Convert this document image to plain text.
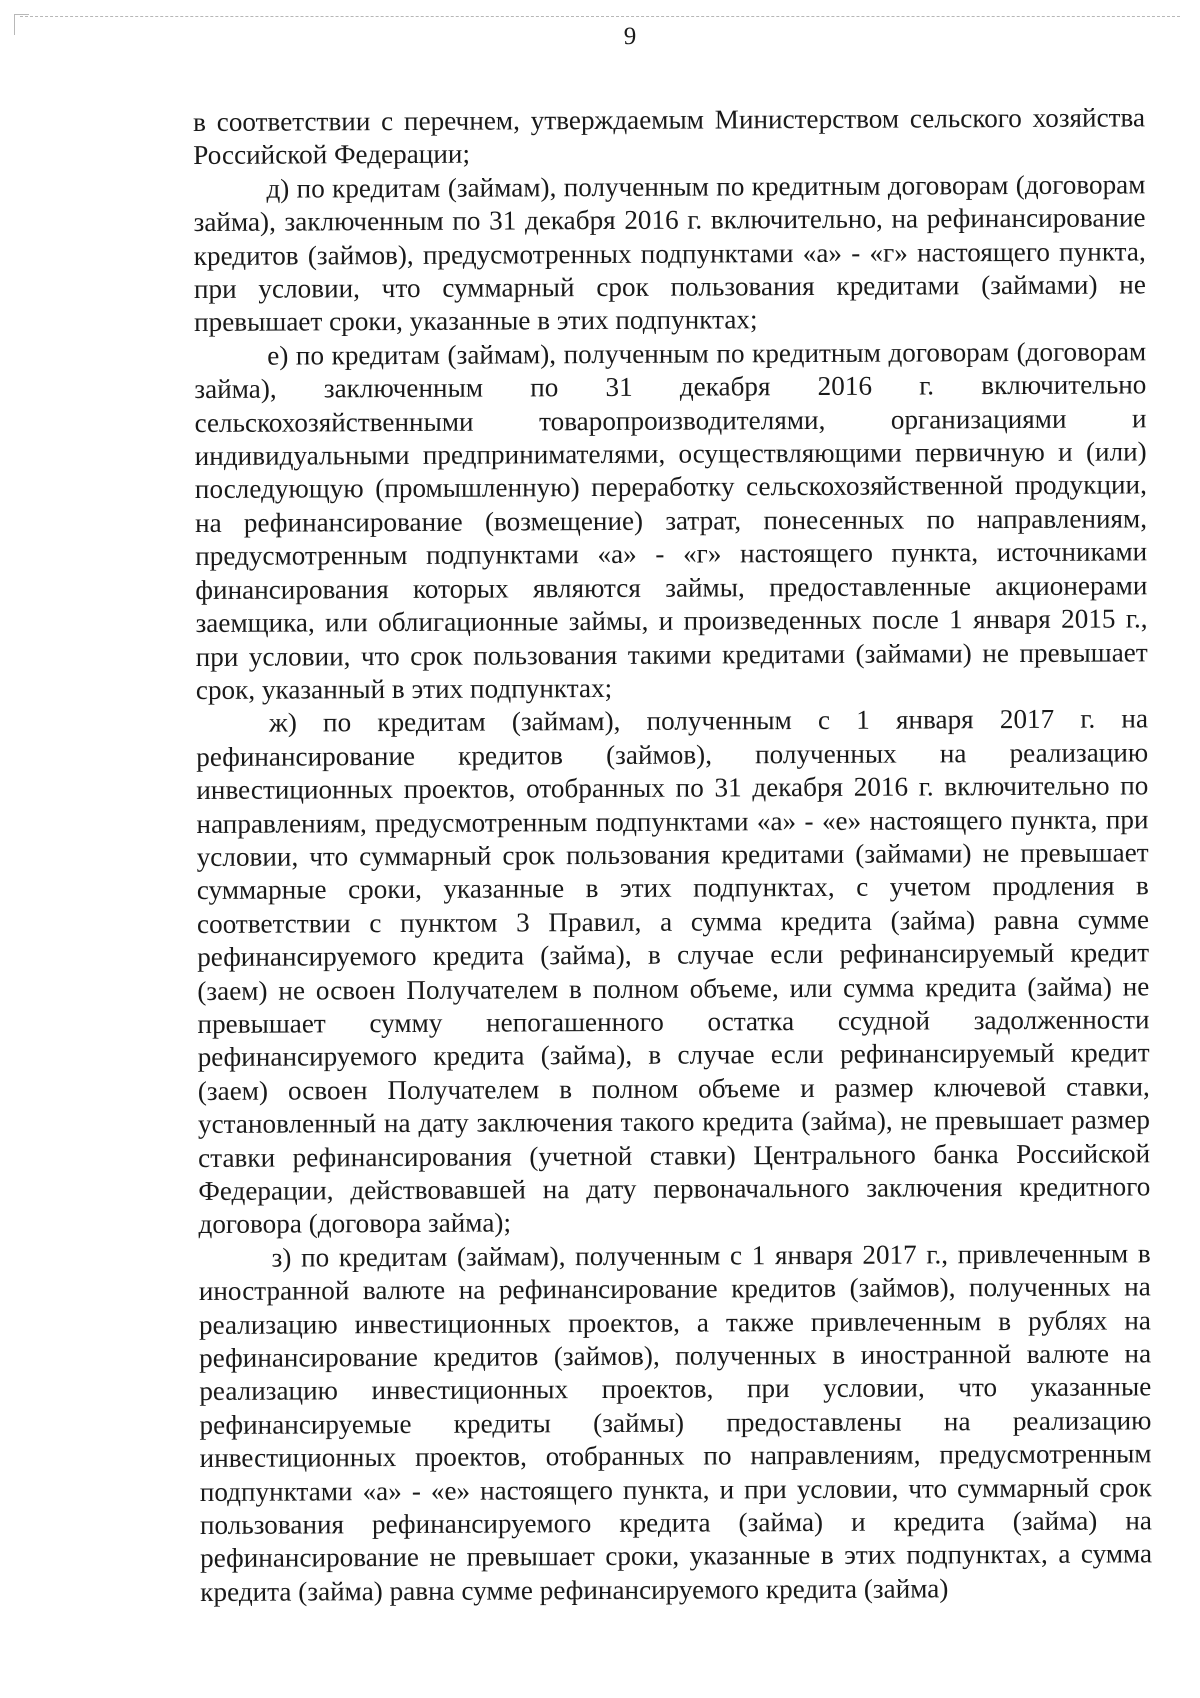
9

в соответствии с перечнем, утверждаемым Министерством сельского хозяйства Российской Федерации;

д) по кредитам (займам), полученным по кредитным договорам (договорам займа), заключенным по 31 декабря 2016 г. включительно, на рефинансирование кредитов (займов), предусмотренных подпунктами «а» - «г» настоящего пункта, при условии, что суммарный срок пользования кредитами (займами) не превышает сроки, указанные в этих подпунктах;

е) по кредитам (займам), полученным по кредитным договорам (договорам займа), заключенным по 31 декабря 2016 г. включительно сельскохозяйственными товаропроизводителями, организациями и индивидуальными предпринимателями, осуществляющими первичную и (или) последующую (промышленную) переработку сельскохозяйственной продукции, на рефинансирование (возмещение) затрат, понесенных по направлениям, предусмотренным подпунктами «а» - «г» настоящего пункта, источниками финансирования которых являются займы, предоставленные акционерами заемщика, или облигационные займы, и произведенных после 1 января 2015 г., при условии, что срок пользования такими кредитами (займами) не превышает срок, указанный в этих подпунктах;

ж) по кредитам (займам), полученным с 1 января 2017 г. на рефинансирование кредитов (займов), полученных на реализацию инвестиционных проектов, отобранных по 31 декабря 2016 г. включительно по направлениям, предусмотренным подпунктами «а» - «е» настоящего пункта, при условии, что суммарный срок пользования кредитами (займами) не превышает суммарные сроки, указанные в этих подпунктах, с учетом продления в соответствии с пунктом 3 Правил, а сумма кредита (займа) равна сумме рефинансируемого кредита (займа), в случае если рефинансируемый кредит (заем) не освоен Получателем в полном объеме, или сумма кредита (займа) не превышает сумму непогашенного остатка ссудной задолженности рефинансируемого кредита (займа), в случае если рефинансируемый кредит (заем) освоен Получателем в полном объеме и размер ключевой ставки, установленный на дату заключения такого кредита (займа), не превышает размер ставки рефинансирования (учетной ставки) Центрального банка Российской Федерации, действовавшей на дату первоначального заключения кредитного договора (договора займа);

з) по кредитам (займам), полученным с 1 января 2017 г., привлеченным в иностранной валюте на рефинансирование кредитов (займов), полученных на реализацию инвестиционных проектов, а также привлеченным в рублях на рефинансирование кредитов (займов), полученных в иностранной валюте на реализацию инвестиционных проектов, при условии, что указанные рефинансируемые кредиты (займы) предоставлены на реализацию инвестиционных проектов, отобранных по направлениям, предусмотренным подпунктами «а» - «е» настоящего пункта, и при условии, что суммарный срок пользования рефинансируемого кредита (займа) и кредита (займа) на рефинансирование не превышает сроки, указанные в этих подпунктах, а сумма кредита (займа) равна сумме рефинансируемого кредита (займа)
